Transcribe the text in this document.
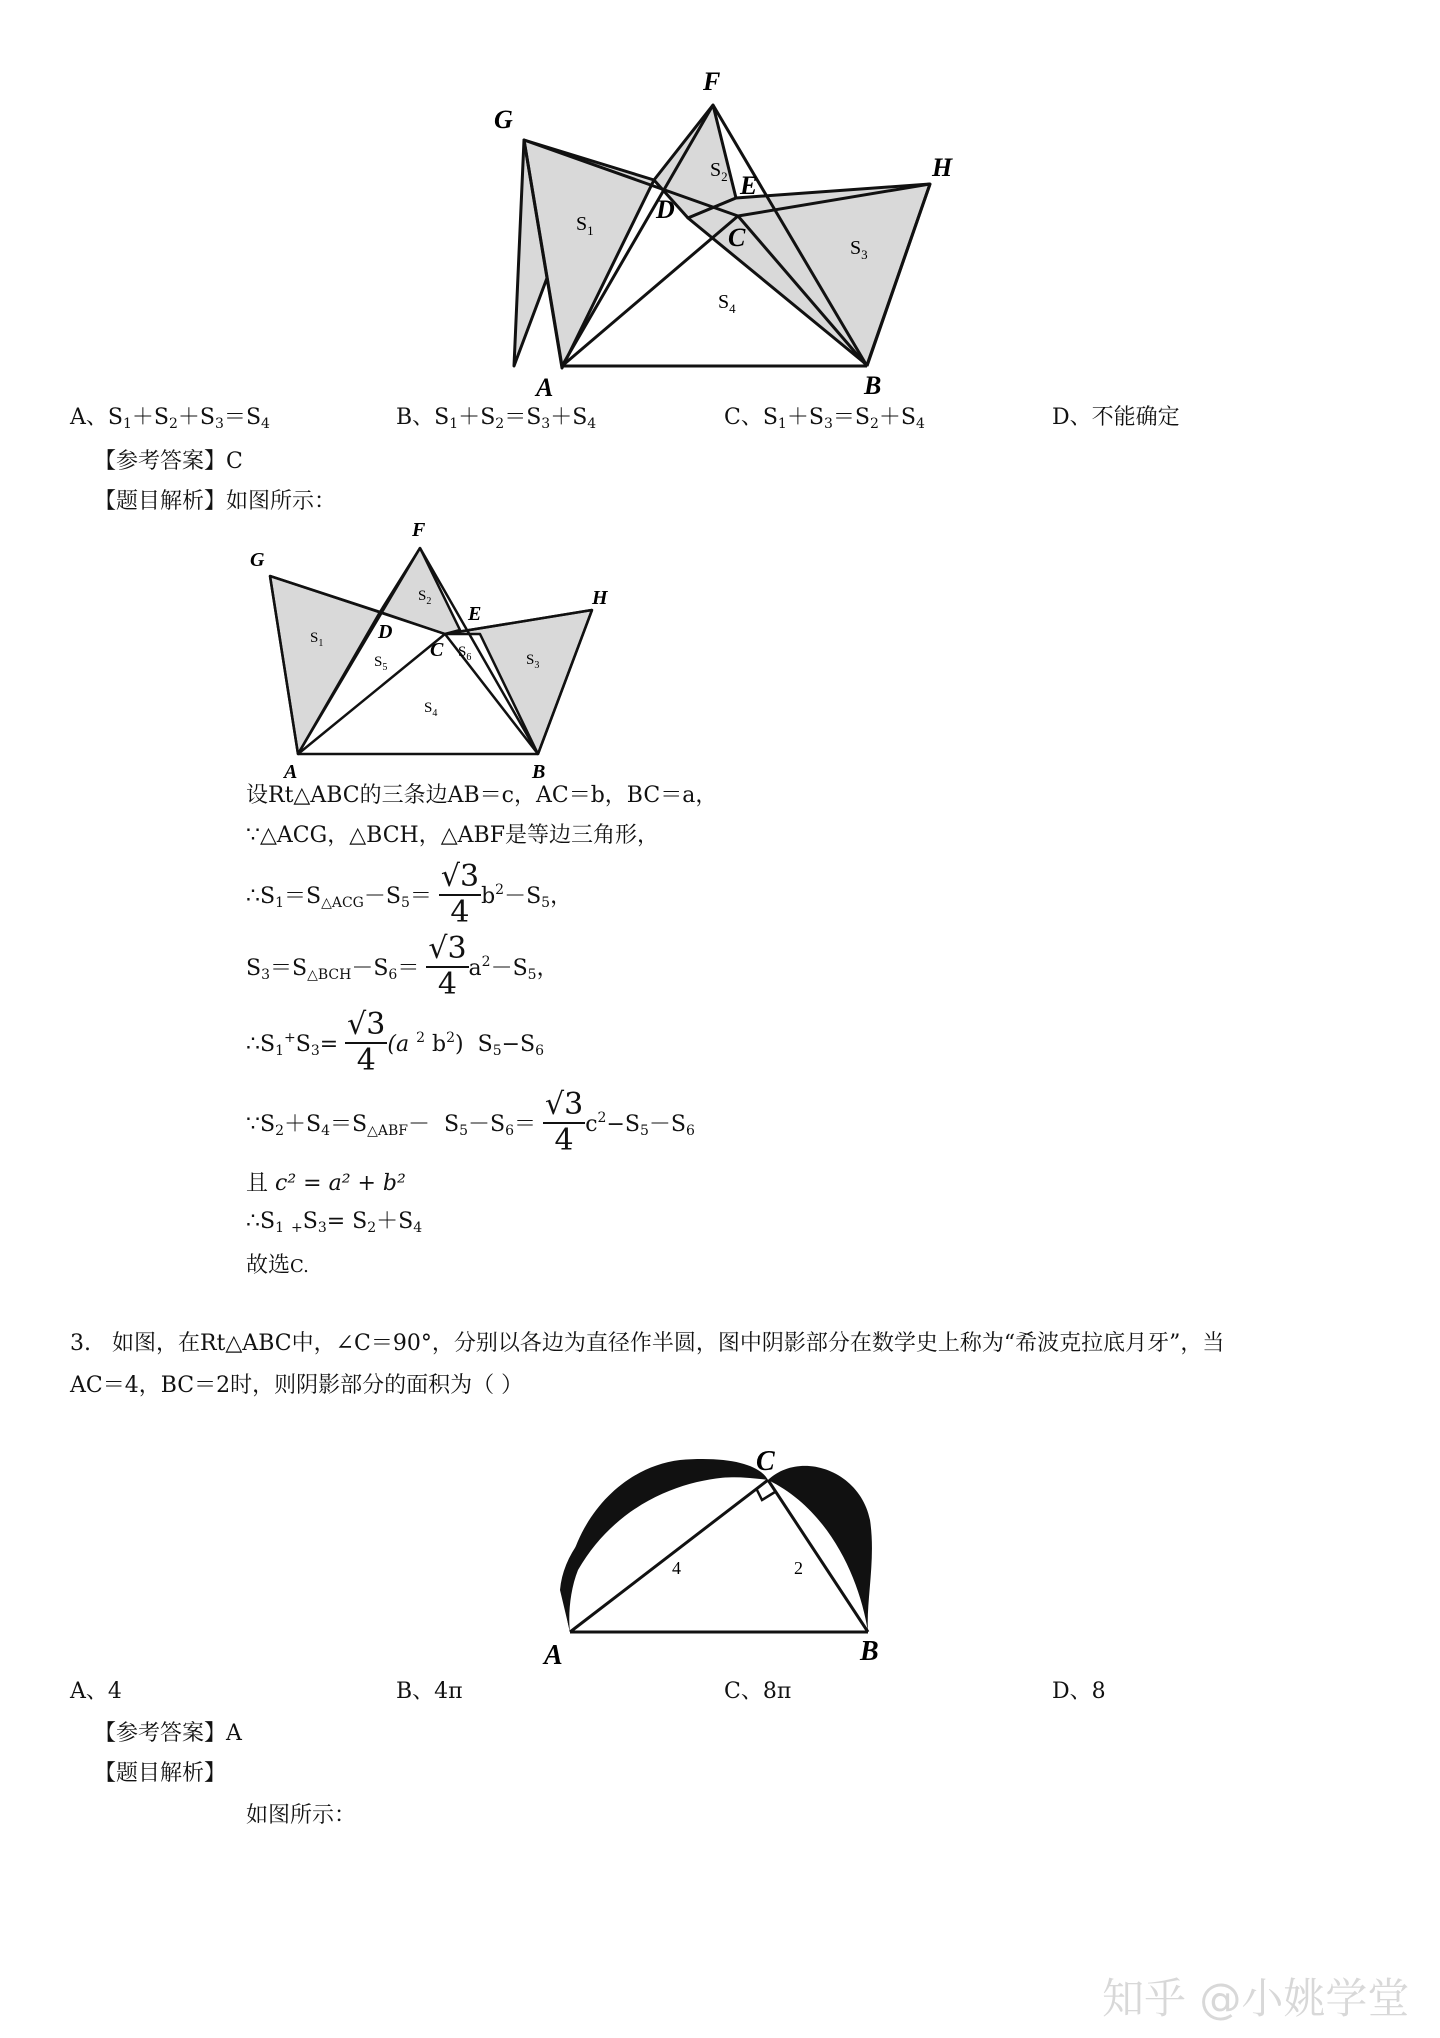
G
F
H
E
D
C
A	B
$S_1$
$S_2$
$S_3$
$S_4$
A、$S_1+S_2+S_3=S_4$	B、$S_1+S_2=S_3+S_4$	C、$S_1+S_3=S_2+S_4$	D、不能确定
【参考答案】C
【题目解析】如图所示：
G
F
H
E
D
C
A	B
$S_1$
$S_2$
$S_3$
$S_4$
$S_5$
$S_6$
设Rt△ABC的三条边AB＝c，AC＝b，BC＝a，
∵△ACG，△BCH，△ABF是等边三角形，
$\therefore S_1=S_{\triangle ACG}-S_5= \frac{√3}{4} b^2-S_5$，
$S_3=S_{\triangle BCH}-S_6= \frac{√3}{4} a^2-S_5$，
$\therefore S_1^+S_3= \frac{√3}{4} (a$ $^2$ $b^2$) $S_5-S_6$
$\because S_2+S_4=S_{\triangle ABF}- S_5-S_6= \frac{√3}{4} c^2-S_5-S_6$
且 c² = a² + b²
$\therefore S_1$ $_+S_3= S_2+S_4$
故选C.
3. 如图，在Rt△ABC中，∠C＝90°，分别以各边为直径作半圆，图中阴影部分在数学史上称为“希波克拉底月牙”，当
AC＝4，BC＝2时，则阴影部分的面积为（ ）
4	2
C
A	B
A、4	B、4π	C、8π	D、8
【参考答案】A
【题目解析】
如图所示：
知乎 @小姚学堂
